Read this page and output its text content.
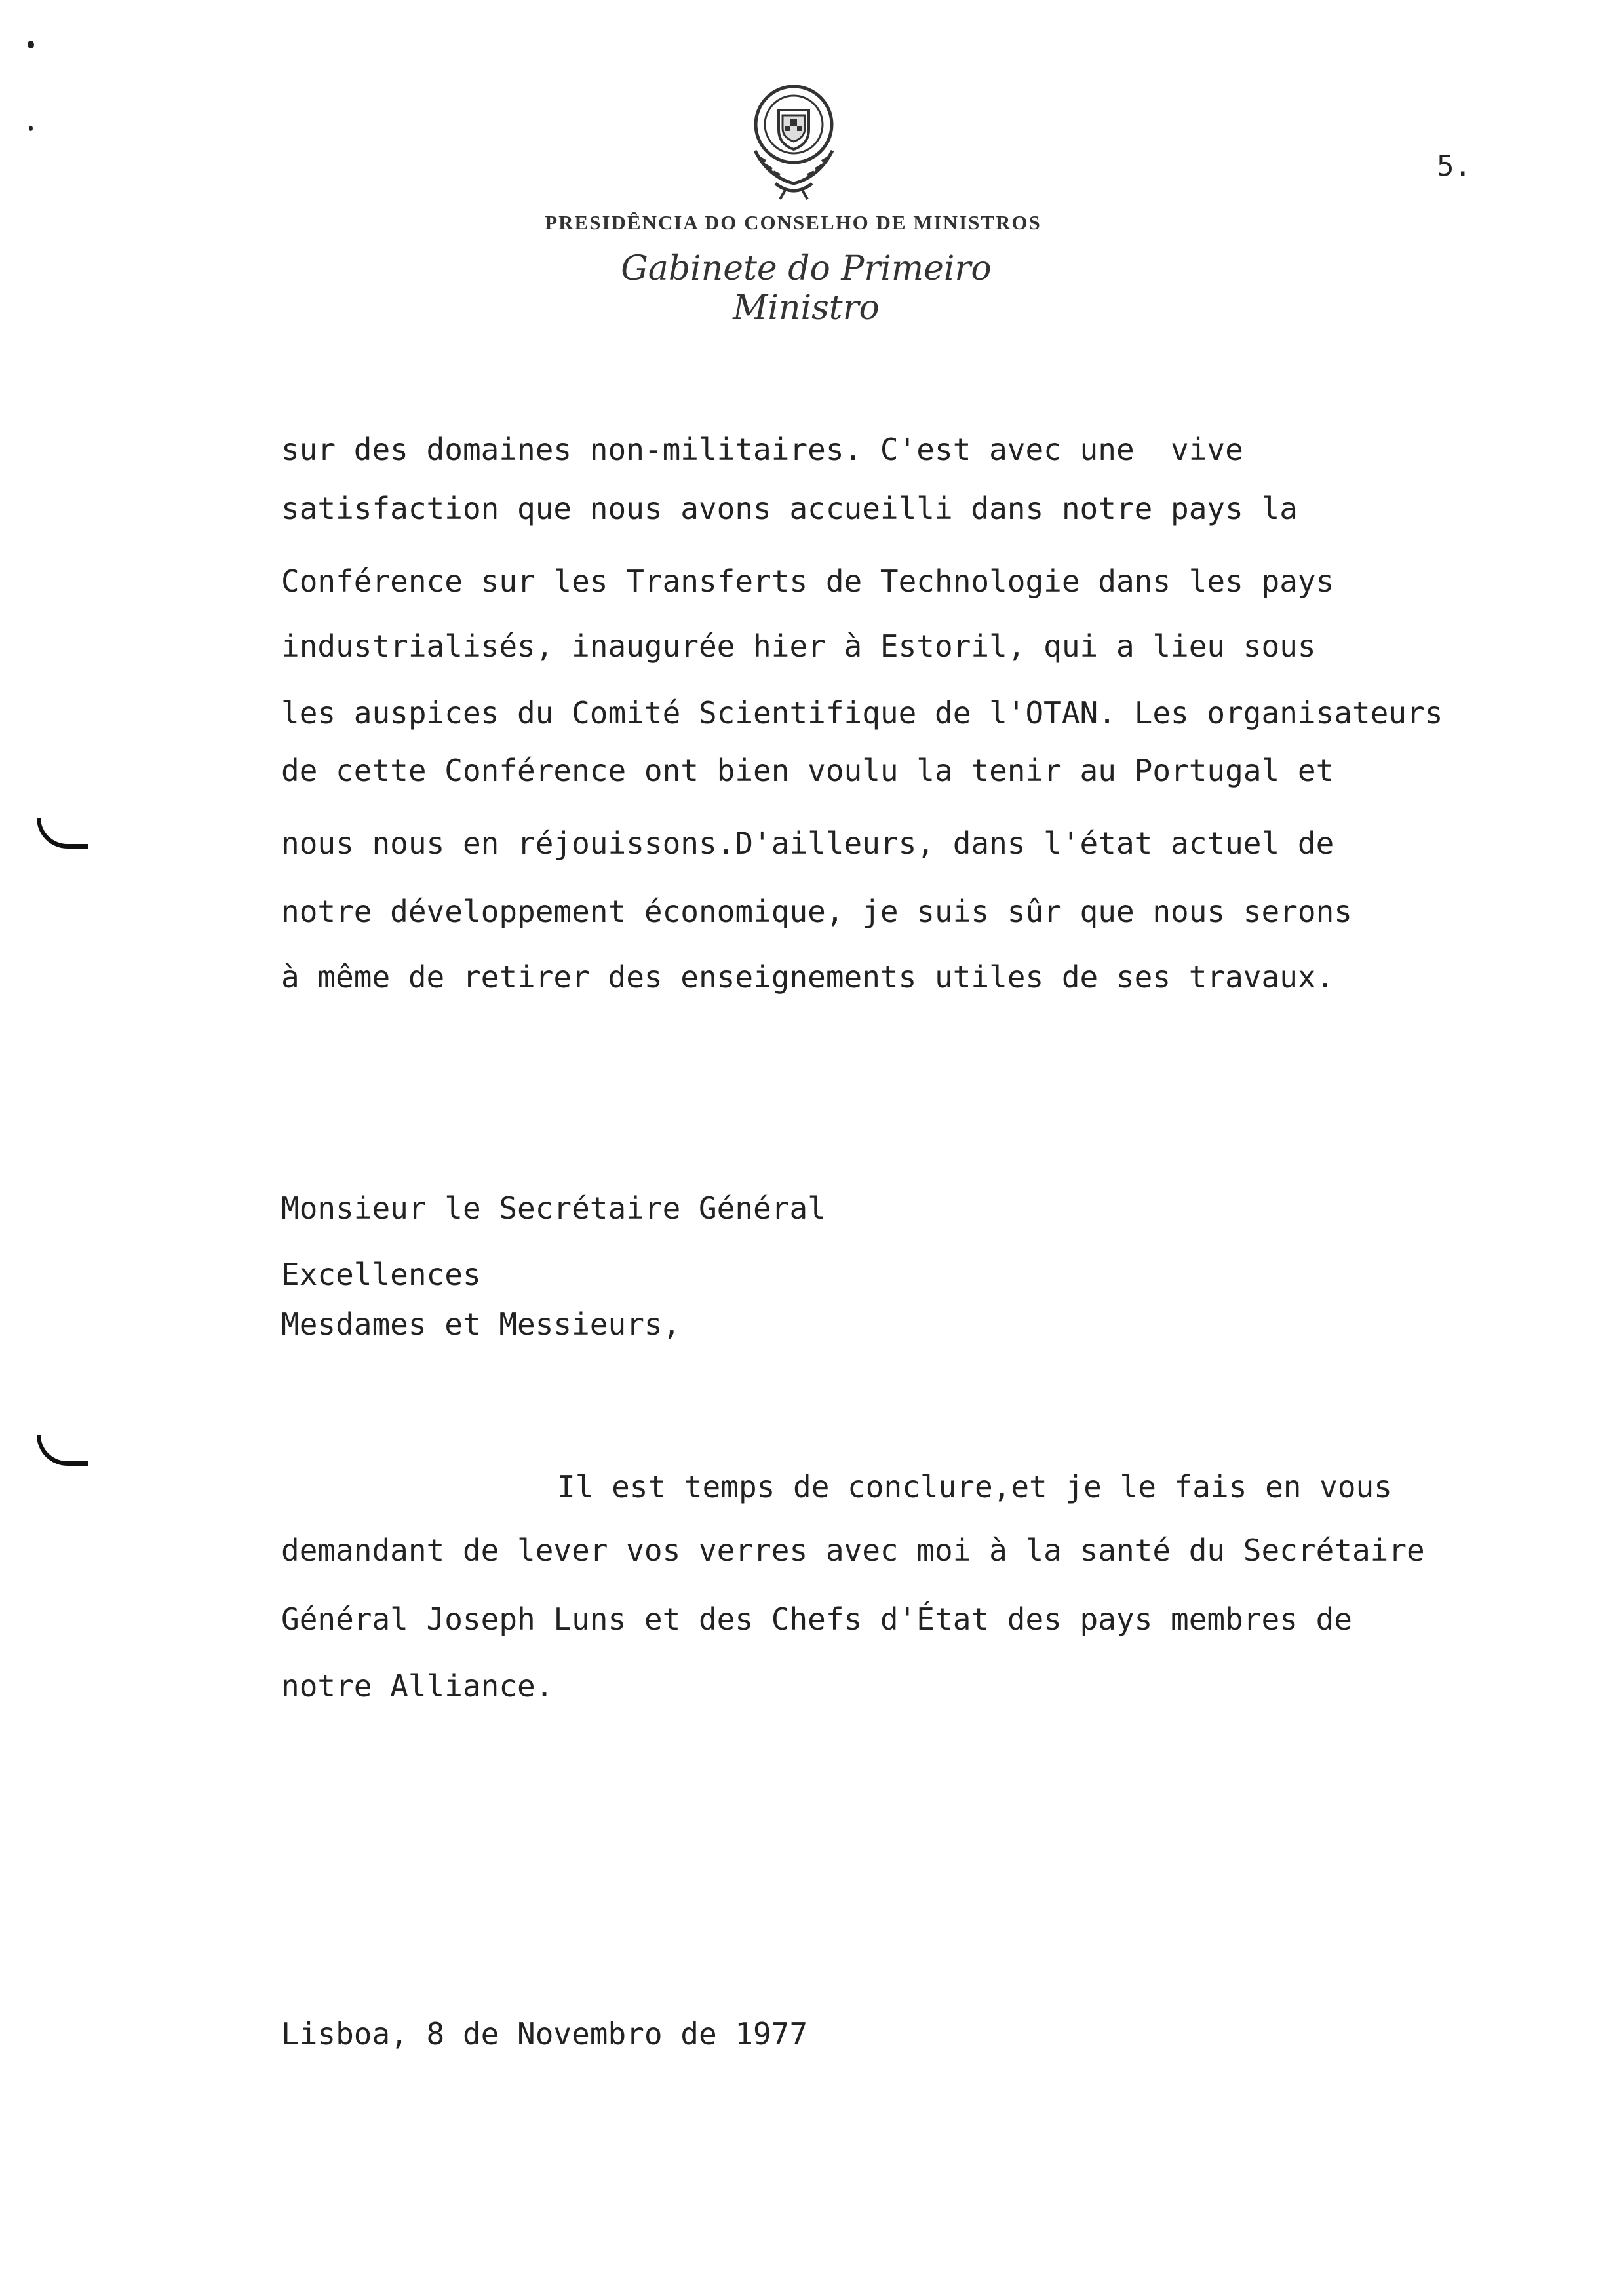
5.
PRESIDÊNCIA DO CONSELHO DE MINISTROS
Gabinete do Primeiro Ministro
sur des domaines non-militaires. C'est avec une  vive
satisfaction que nous avons accueilli dans notre pays la
Conférence sur les Transferts de Technologie dans les pays
industrialisés, inaugurée hier à Estoril, qui a lieu sous
les auspices du Comité Scientifique de l'OTAN. Les organisateurs
de cette Conférence ont bien voulu la tenir au Portugal et
nous nous en réjouissons.D'ailleurs, dans l'état actuel de
notre développement économique, je suis sûr que nous serons
à même de retirer des enseignements utiles de ses travaux.
Monsieur le Secrétaire Général
Excellences
Mesdames et Messieurs,
Il est temps de conclure,et je le fais en vous
demandant de lever vos verres avec moi à la santé du Secrétaire
Général Joseph Luns et des Chefs d'État des pays membres de
notre Alliance.
Lisboa, 8 de Novembro de 1977
